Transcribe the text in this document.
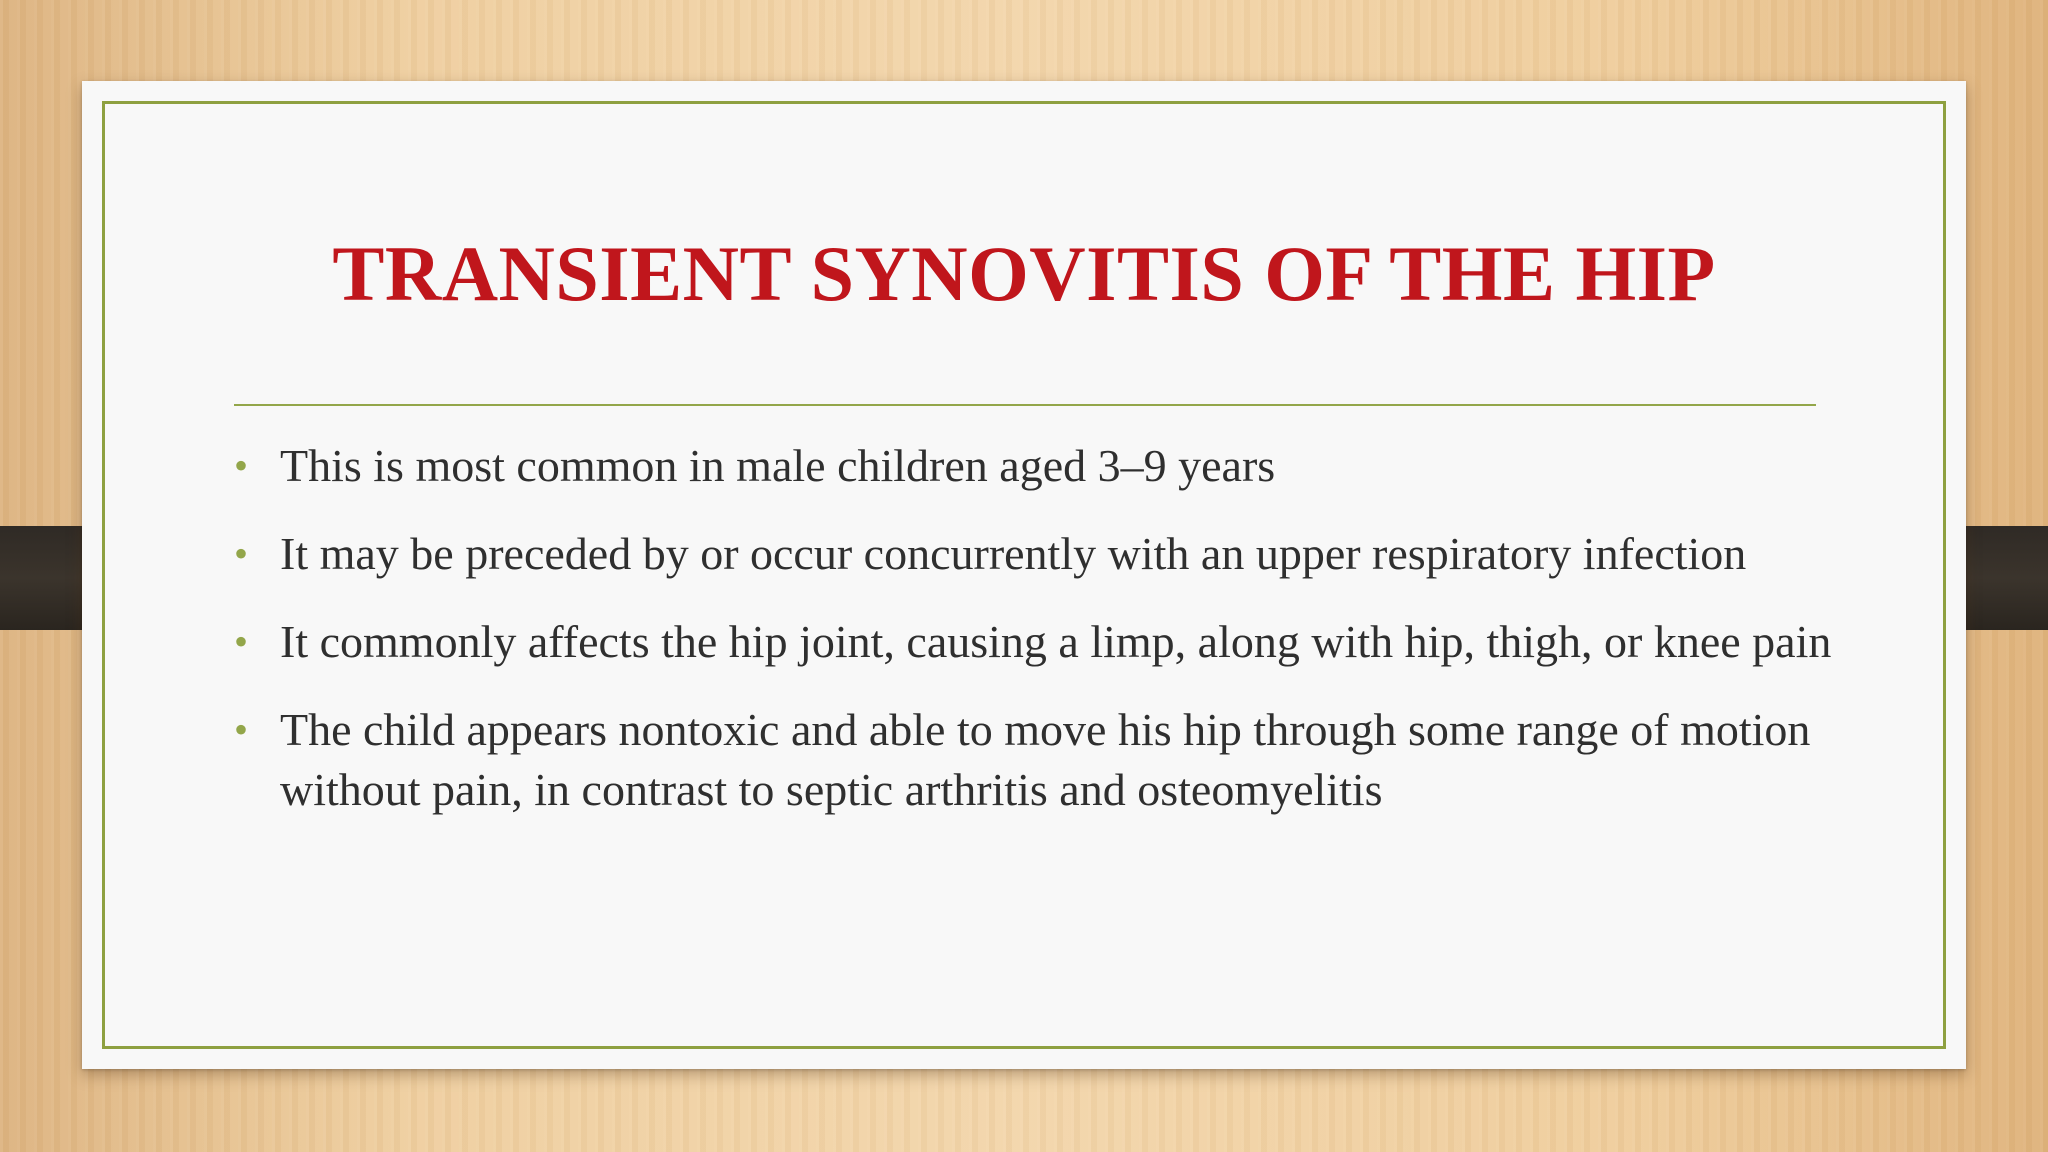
TRANSIENT SYNOVITIS OF THE HIP
• This is most common in male children aged 3–9 years
• It may be preceded by or occur concurrently with an upper respiratory infection
• It commonly affects the hip joint, causing a limp, along with hip, thigh, or knee pain
• The child appears nontoxic and able to move his hip through some range of motion without pain, in contrast to septic arthritis and osteomyelitis
